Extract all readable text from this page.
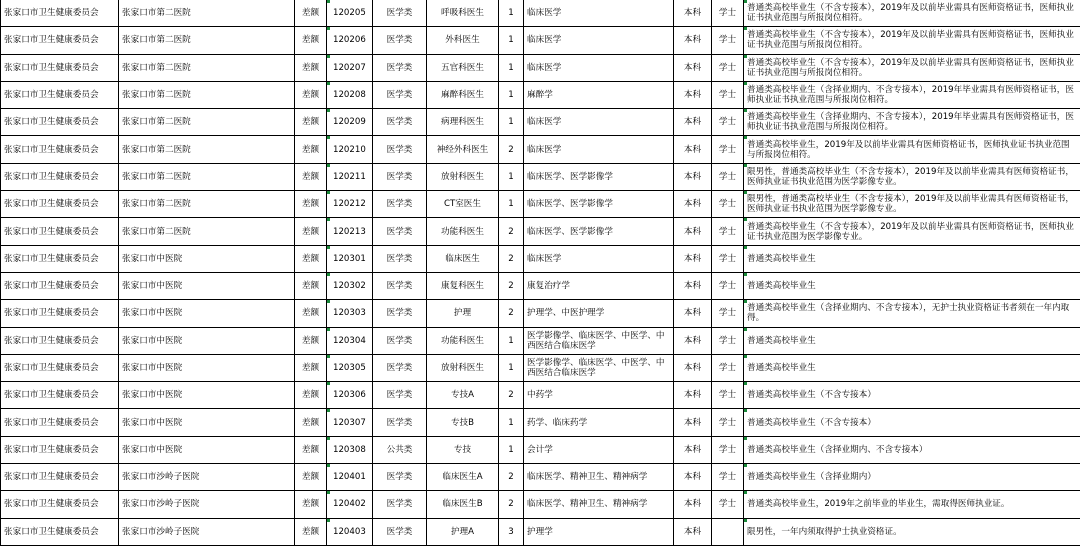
张家口市卫生健康委员会	张家口市第二医院	差额	120205	医学类	呼吸科医生	1	临床医学	本科	学士	普通类高校毕业生（不含专接本），2019年及以前毕业需具有医师资格证书，医师执业证书执业范围与所报岗位相符。
张家口市卫生健康委员会	张家口市第二医院	差额	120206	医学类	外科医生	1	临床医学	本科	学士	普通类高校毕业生（不含专接本），2019年及以前毕业需具有医师资格证书，医师执业证书执业范围与所报岗位相符。
张家口市卫生健康委员会	张家口市第二医院	差额	120207	医学类	五官科医生	1	临床医学	本科	学士	普通类高校毕业生（不含专接本），2019年及以前毕业需具有医师资格证书，医师执业证书执业范围与所报岗位相符。
张家口市卫生健康委员会	张家口市第二医院	差额	120208	医学类	麻醉科医生	1	麻醉学	本科	学士	普通类高校毕业生（含择业期内、不含专接本），2019年毕业需具有医师资格证书，医师执业证书执业范围与所报岗位相符。
张家口市卫生健康委员会	张家口市第二医院	差额	120209	医学类	病理科医生	1	临床医学	本科	学士	普通类高校毕业生（含择业期内、不含专接本），2019年毕业需具有医师资格证书，医师执业证书执业范围与所报岗位相符。
张家口市卫生健康委员会	张家口市第二医院	差额	120210	医学类	神经外科医生	2	临床医学	本科	学士	普通类高校毕业生，2019年及以前毕业需具有医师资格证书，医师执业证书执业范围与所报岗位相符。
张家口市卫生健康委员会	张家口市第二医院	差额	120211	医学类	放射科医生	1	临床医学、医学影像学	本科	学士	限男性，普通类高校毕业生（不含专接本），2019年及以前毕业需具有医师资格证书，医师执业证书执业范围为医学影像专业。
张家口市卫生健康委员会	张家口市第二医院	差额	120212	医学类	CT室医生	1	临床医学、医学影像学	本科	学士	限男性，普通类高校毕业生（不含专接本），2019年及以前毕业需具有医师资格证书，医师执业证书执业范围为医学影像专业。
张家口市卫生健康委员会	张家口市第二医院	差额	120213	医学类	功能科医生	2	临床医学、医学影像学	本科	学士	普通类高校毕业生（不含专接本），2019年及以前毕业需具有医师资格证书，医师执业证书执业范围为医学影像专业。
张家口市卫生健康委员会	张家口市中医院	差额	120301	医学类	临床医生	2	临床医学	本科	学士	普通类高校毕业生
张家口市卫生健康委员会	张家口市中医院	差额	120302	医学类	康复科医生	2	康复治疗学	本科	学士	普通类高校毕业生
张家口市卫生健康委员会	张家口市中医院	差额	120303	医学类	护理	2	护理学、中医护理学	本科	学士	普通类高校毕业生（含择业期内、不含专接本），无护士执业资格证书者须在一年内取得。
张家口市卫生健康委员会	张家口市中医院	差额	120304	医学类	功能科医生	1	医学影像学、临床医学、中医学、中西医结合临床医学	本科	学士	普通类高校毕业生
张家口市卫生健康委员会	张家口市中医院	差额	120305	医学类	放射科医生	1	医学影像学、临床医学、中医学、中西医结合临床医学	本科	学士	普通类高校毕业生
张家口市卫生健康委员会	张家口市中医院	差额	120306	医学类	专技A	2	中药学	本科	学士	普通类高校毕业生（不含专接本）
张家口市卫生健康委员会	张家口市中医院	差额	120307	医学类	专技B	1	药学、临床药学	本科	学士	普通类高校毕业生（不含专接本）
张家口市卫生健康委员会	张家口市中医院	差额	120308	公共类	专技	1	会计学	本科	学士	普通类高校毕业生（含择业期内、不含专接本）
张家口市卫生健康委员会	张家口市沙岭子医院	差额	120401	医学类	临床医生A	2	临床医学、精神卫生、精神病学	本科	学士	普通类高校毕业生（含择业期内）
张家口市卫生健康委员会	张家口市沙岭子医院	差额	120402	医学类	临床医生B	2	临床医学、精神卫生、精神病学	本科	学士	普通类高校毕业生，2019年之前毕业的毕业生，需取得医师执业证。
张家口市卫生健康委员会	张家口市沙岭子医院	差额	120403	医学类	护理A	3	护理学	本科		限男性，一年内须取得护士执业资格证。
